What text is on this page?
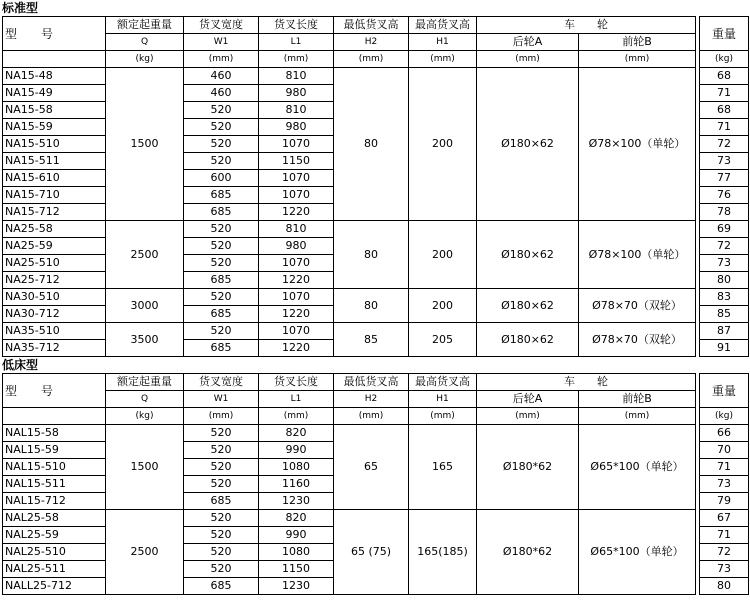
标准型
型　　号	额定起重量	货叉宽度	货叉长度	最低货叉高	最高货叉高	车　　轮			重量
	Q	W1	L1	H2	H1	后轮A	前轮B		
	(kg)	(mm)	(mm)	(mm)	(mm)	(mm)	(mm)		(kg)
NA15-48	1500	460	810	80	200	Ø180×62	Ø78×100（单轮）		68
NA15-49		460	980						71
NA15-58		520	810						68
NA15-59		520	980						71
NA15-510		520	1070						72
NA15-511		520	1150						73
NA15-610		600	1070						77
NA15-710		685	1070						76
NA15-712		685	1220						78
NA25-58	2500	520	810	80	200	Ø180×62	Ø78×100（单轮）		69
NA25-59		520	980						72
NA25-510		520	1070						73
NA25-712		685	1220						80
NA30-510	3000	520	1070	80	200	Ø180×62	Ø78×70（双轮）		83
NA30-712		685	1220						85
NA35-510	3500	520	1070	85	205	Ø180×62	Ø78×70（双轮）		87
NA35-712		685	1220						91
低床型
型　　号	额定起重量	货叉宽度	货叉长度	最低货叉高	最高货叉高	车　　轮			重量
	Q	W1	L1	H2	H1	后轮A	前轮B		
	(kg)	(mm)	(mm)	(mm)	(mm)	(mm)	(mm)		(kg)
NAL15-58	1500	520	820	65	165	Ø180*62	Ø65*100（单轮）		66
NAL15-59		520	990						70
NAL15-510		520	1080						71
NAL15-511		520	1160						73
NAL15-712		685	1230						79
NAL25-58	2500	520	820	65 (75)	165(185)	Ø180*62	Ø65*100（单轮）		67
NAL25-59		520	990						71
NAL25-510		520	1080						72
NAL25-511		520	1150						73
NALL25-712		685	1230						80
